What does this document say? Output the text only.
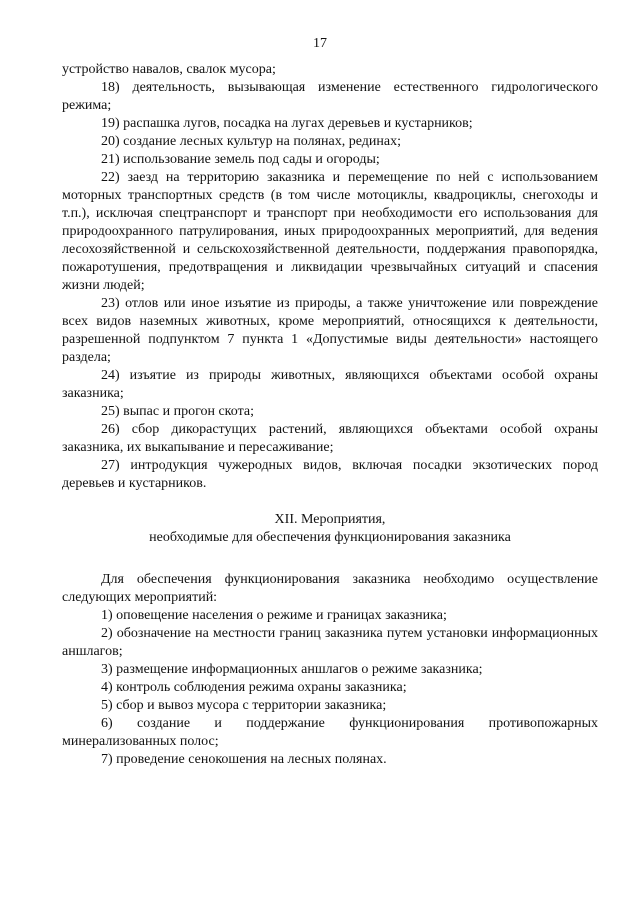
17

устройство навалов, свалок мусора;

18) деятельность, вызывающая изменение естественного гидрологического режима;

19) распашка лугов, посадка на лугах деревьев и кустарников;

20) создание лесных культур на полянах, рединах;

21) использование земель под сады и огороды;

22) заезд на территорию заказника и перемещение по ней с использованием моторных транспортных средств (в том числе мотоциклы, квадроциклы, снегоходы и т.п.), исключая спецтранспорт и транспорт при необходимости его использования для природоохранного патрулирования, иных природоохранных мероприятий, для ведения лесохозяйственной и сельскохозяйственной деятельности, поддержания правопорядка, пожаротушения, предотвращения и ликвидации чрезвычайных ситуаций и спасения жизни людей;

23) отлов или иное изъятие из природы, а также уничтожение или повреждение всех видов наземных животных, кроме мероприятий, относящихся к деятельности, разрешенной подпунктом 7 пункта 1 «Допустимые виды деятельности» настоящего раздела;

24) изъятие из природы животных, являющихся объектами особой охраны заказника;

25) выпас и прогон скота;

26) сбор дикорастущих растений, являющихся объектами особой охраны заказника, их выкапывание и пересаживание;

27) интродукция чужеродных видов, включая посадки экзотических пород деревьев и кустарников.

XII. Мероприятия,

необходимые для обеспечения функционирования заказника

Для обеспечения функционирования заказника необходимо осуществление следующих мероприятий:

1) оповещение населения о режиме и границах заказника;

2) обозначение на местности границ заказника путем установки информационных аншлагов;

3) размещение информационных аншлагов о режиме заказника;

4) контроль соблюдения режима охраны заказника;

5) сбор и вывоз мусора с территории заказника;

6) создание и поддержание функционирования противопожарных минерализованных полос;

7) проведение сенокошения на лесных полянах.
